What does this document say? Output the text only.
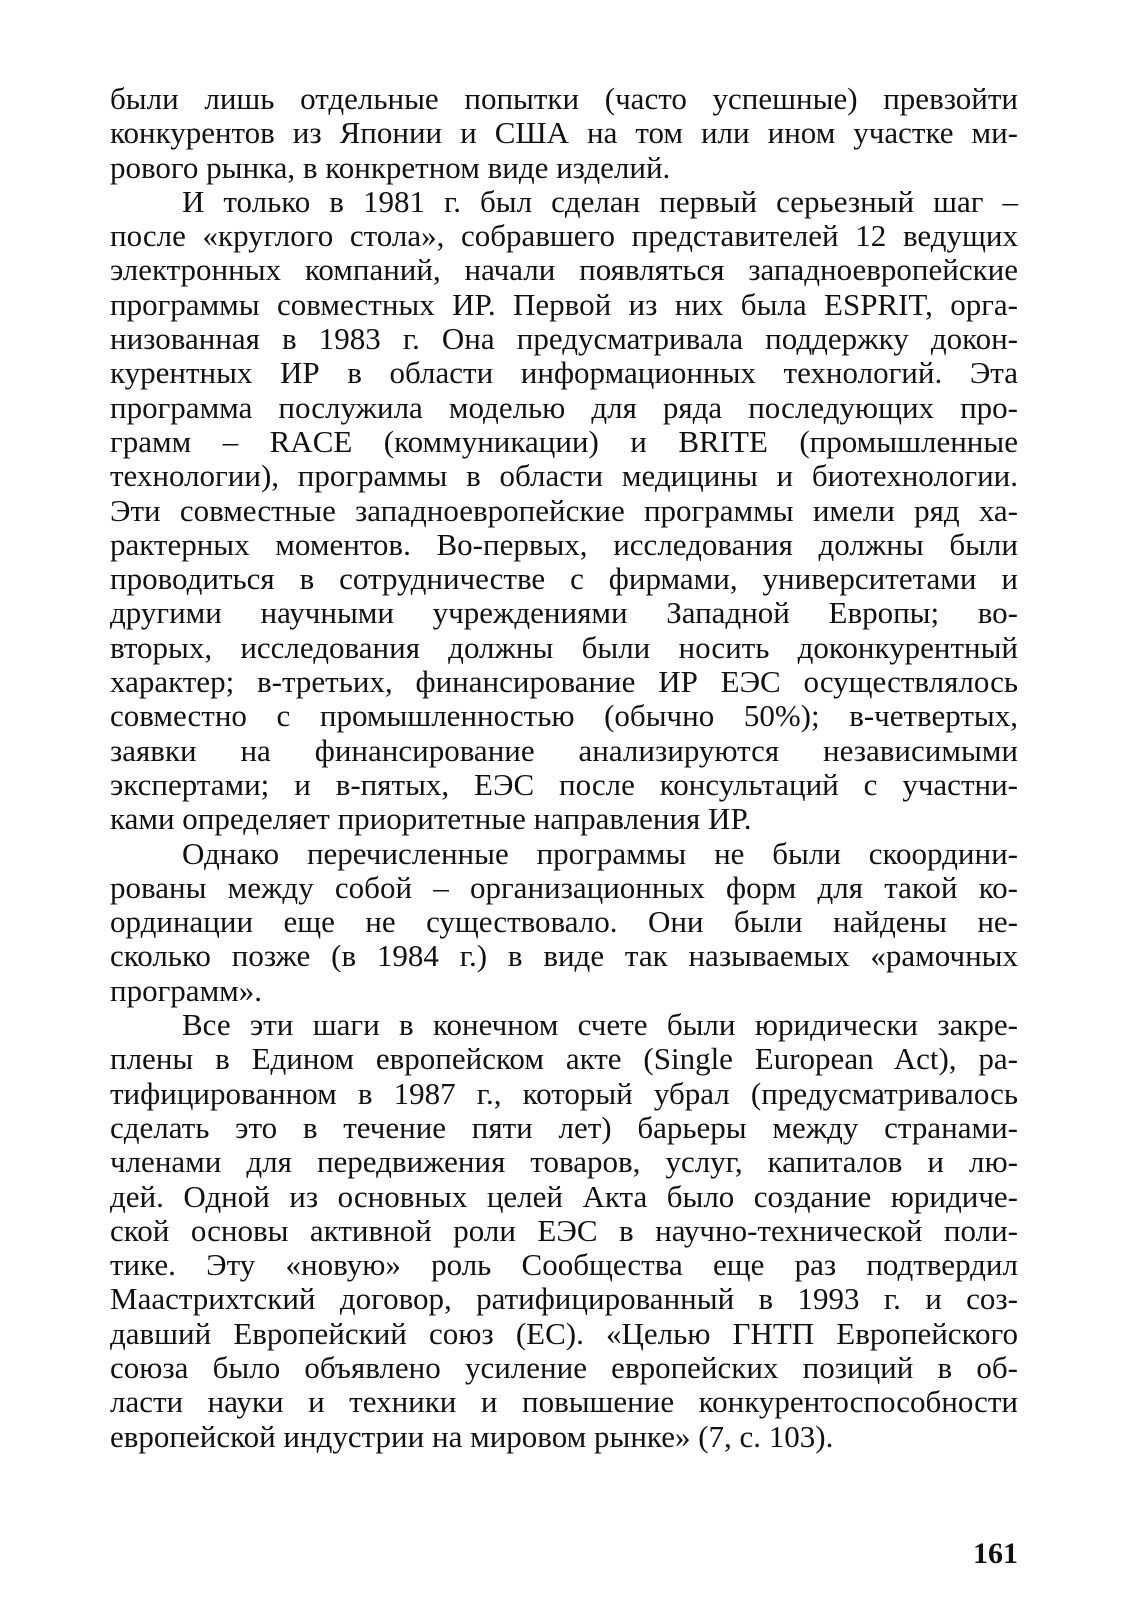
были лишь отдельные попытки (часто успешные) превзойти
конкурентов из Японии и США на том или ином участке ми-
рового рынка, в конкретном виде изделий.
И только в 1981 г. был сделан первый серьезный шаг –
после «круглого стола», собравшего представителей 12 ведущих
электронных компаний, начали появляться западноевропейские
программы совместных ИР. Первой из них была ESPRIT, орга-
низованная в 1983 г. Она предусматривала поддержку докон-
курентных ИР в области информационных технологий. Эта
программа послужила моделью для ряда последующих про-
грамм – RACE (коммуникации) и BRITE (промышленные
технологии), программы в области медицины и биотехнологии.
Эти совместные западноевропейские программы имели ряд ха-
рактерных моментов. Во-первых, исследования должны были
проводиться в сотрудничестве с фирмами, университетами и
другими научными учреждениями Западной Европы; во-
вторых, исследования должны были носить доконкурентный
характер; в-третьих, финансирование ИР ЕЭС осуществлялось
совместно с промышленностью (обычно 50%); в-четвертых,
заявки на финансирование анализируются независимыми
экспертами; и в-пятых, ЕЭС после консультаций с участни-
ками определяет приоритетные направления ИР.
Однако перечисленные программы не были скоордини-
рованы между собой – организационных форм для такой ко-
ординации еще не существовало. Они были найдены не-
сколько позже (в 1984 г.) в виде так называемых «рамочных
программ».
Все эти шаги в конечном счете были юридически закре-
плены в Едином европейском акте (Single European Act), ра-
тифицированном в 1987 г., который убрал (предусматривалось
сделать это в течение пяти лет) барьеры между странами-
членами для передвижения товаров, услуг, капиталов и лю-
дей. Одной из основных целей Акта было создание юридиче-
ской основы активной роли ЕЭС в научно-технической поли-
тике. Эту «новую» роль Сообщества еще раз подтвердил
Маастрихтский договор, ратифицированный в 1993 г. и соз-
давший Европейский союз (ЕС). «Целью ГНТП Европейского
союза было объявлено усиление европейских позиций в об-
ласти науки и техники и повышение конкурентоспособности
европейской индустрии на мировом рынке» (7, с. 103).
161
